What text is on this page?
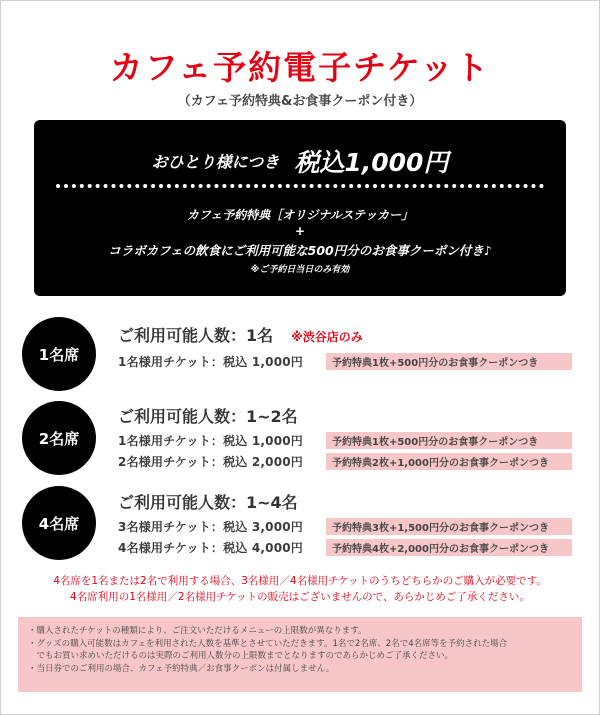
カフェ予約電子チケット
（カフェ予約特典&お食事クーポン付き）
おひとり様につき 税込1,000円
カフェ予約特典［オリジナルステッカー」
+
コラボカフェの飲食にご利用可能な500円分のお食事クーポン付き♪
※ご予約日当日のみ有効
1名席
ご利用可能人数：1名 ※渋谷店のみ
1名様用チケット：税込 1,000円	予約特典1枚+500円分のお食事クーポンつき
2名席
ご利用可能人数：1~2名
1名様用チケット：税込 1,000円	予約特典1枚+500円分のお食事クーポンつき
2名様用チケット：税込 2,000円	予約特典2枚+1,000円分のお食事クーポンつき
4名席
ご利用可能人数：1~4名
3名様用チケット：税込 3,000円	予約特典3枚+1,500円分のお食事クーポンつき
4名様用チケット：税込 4,000円	予約特典4枚+2,000円分のお食事クーポンつき
4名席を1名または2名で利用する場合、3名様用／4名様用チケットのうちどちらかのご購入が必要です。
4名席利用の1名様用／2名様用チケットの販売はございませんので、あらかじめご了承ください。
・購入されたチケットの種類により、ご注文いただけるメニューの上限数が異なります。
・グッズの購入可能数はカフェを利用された人数を基準とさせていただきます。1名で2名席、2名で4名席等を予約された場合
　でもお買い求めいただけるのは実際のご利用人数分の上限数までとなりますのであらかじめご了承ください。
・当日券でのご利用の場合、カフェ予約特典／お食事クーポンは付属しません。
